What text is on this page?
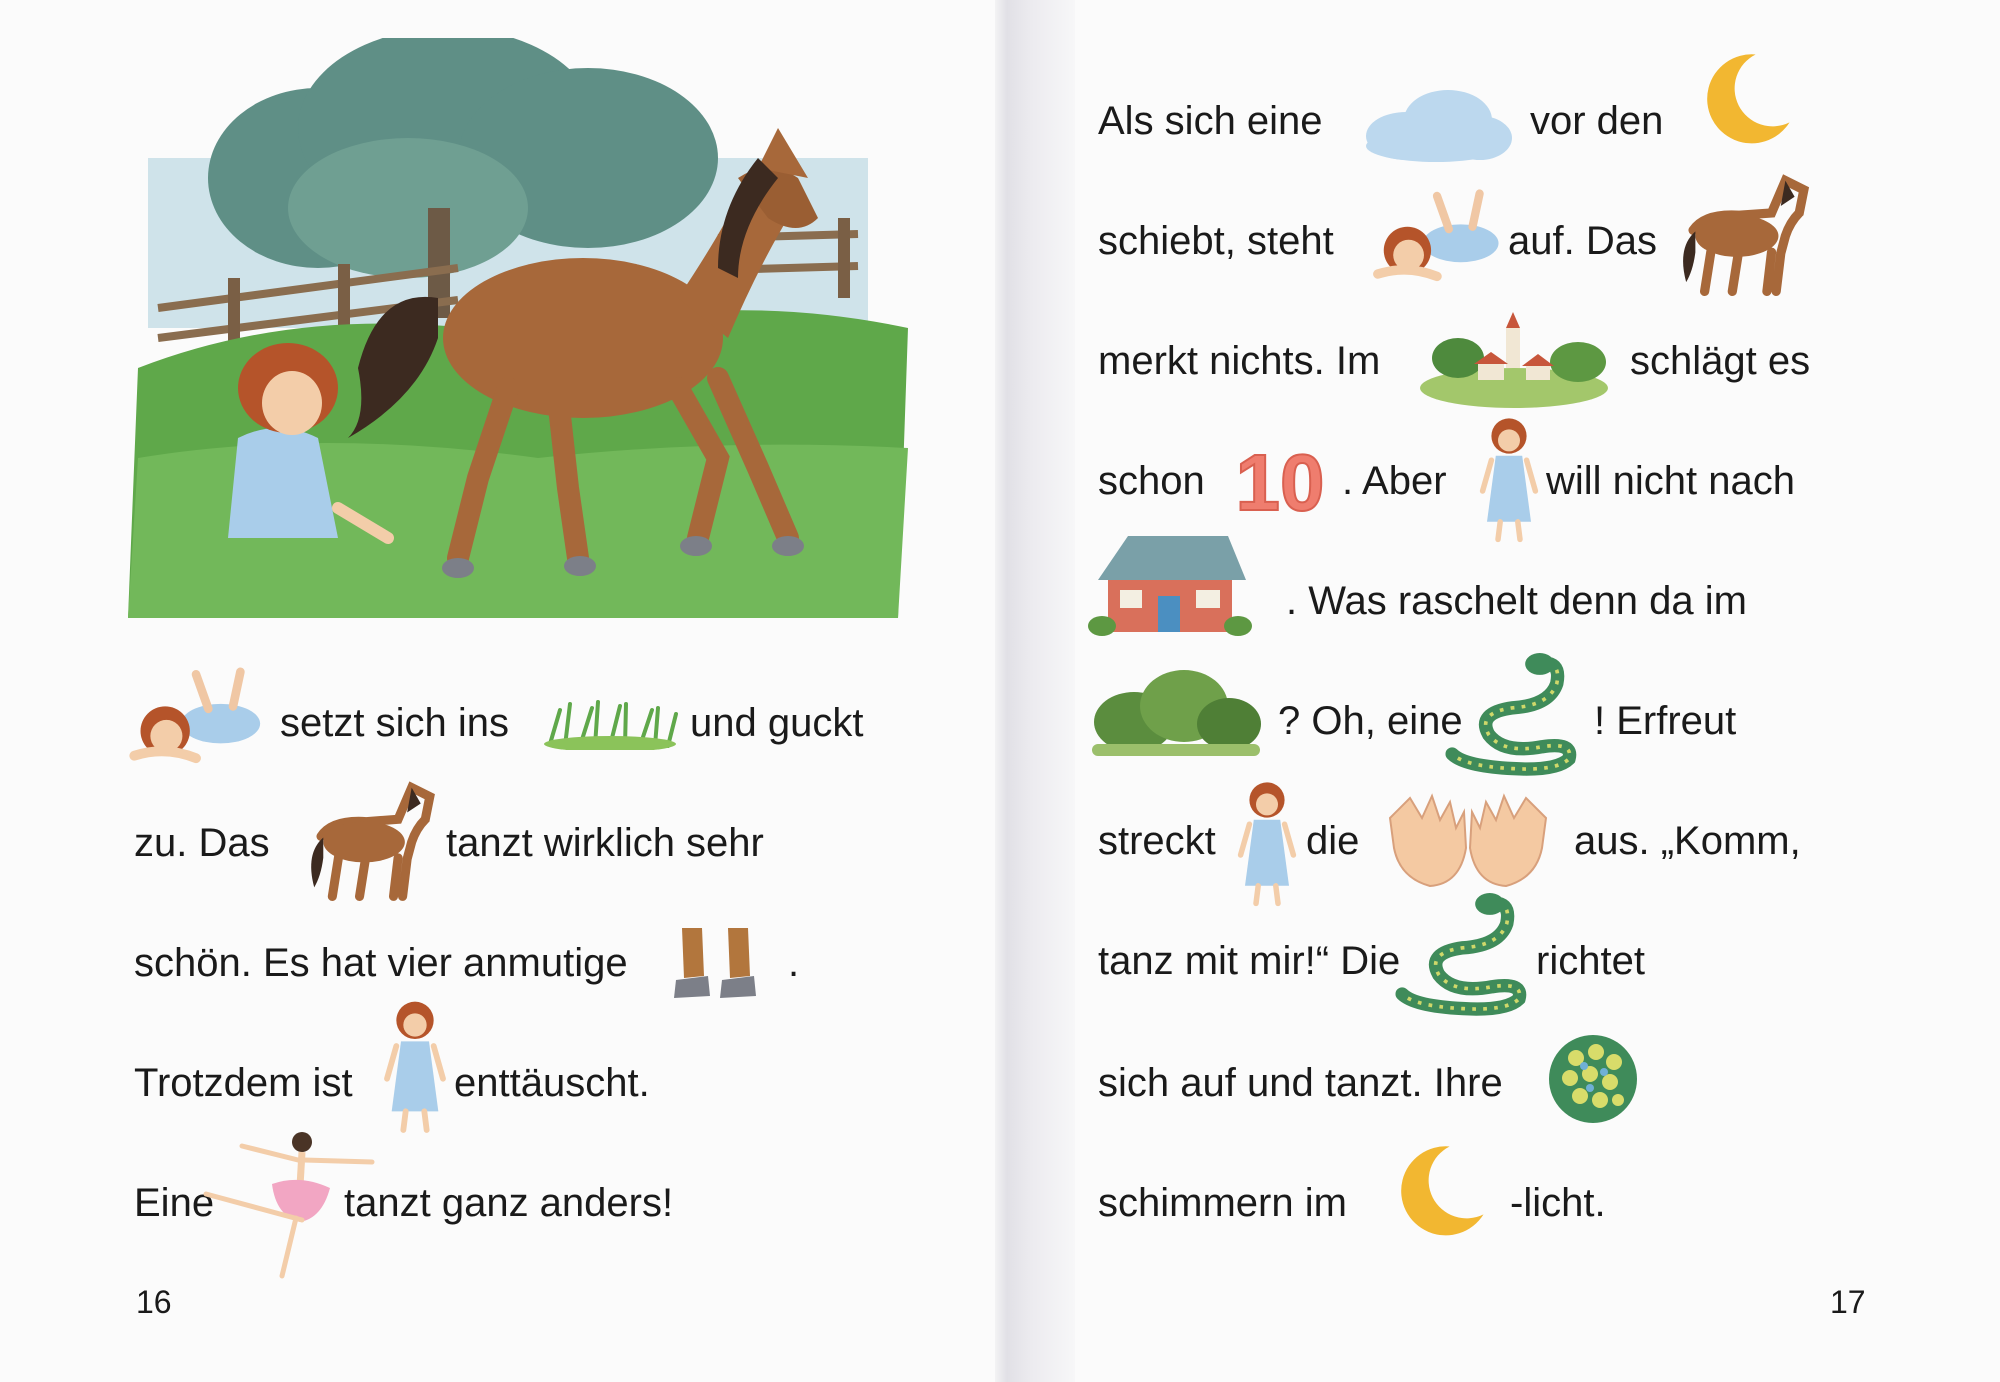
setzt sich ins	und guckt
zu. Das	tanzt wirklich sehr
schön. Es hat vier anmutige	.
Trotzdem ist	enttäuscht.
Eine	tanzt ganz anders!
16
Als sich eine	vor den
schiebt, steht	auf. Das
merkt nichts. Im	schlägt es
schon 10 . Aber will nicht nach
. Was raschelt denn da im
? Oh, eine	! Erfreut
streckt die	aus. „Komm,
tanz mit mir!“ Die	richtet
sich auf und tanzt. Ihre
schimmern im	-licht.
17
